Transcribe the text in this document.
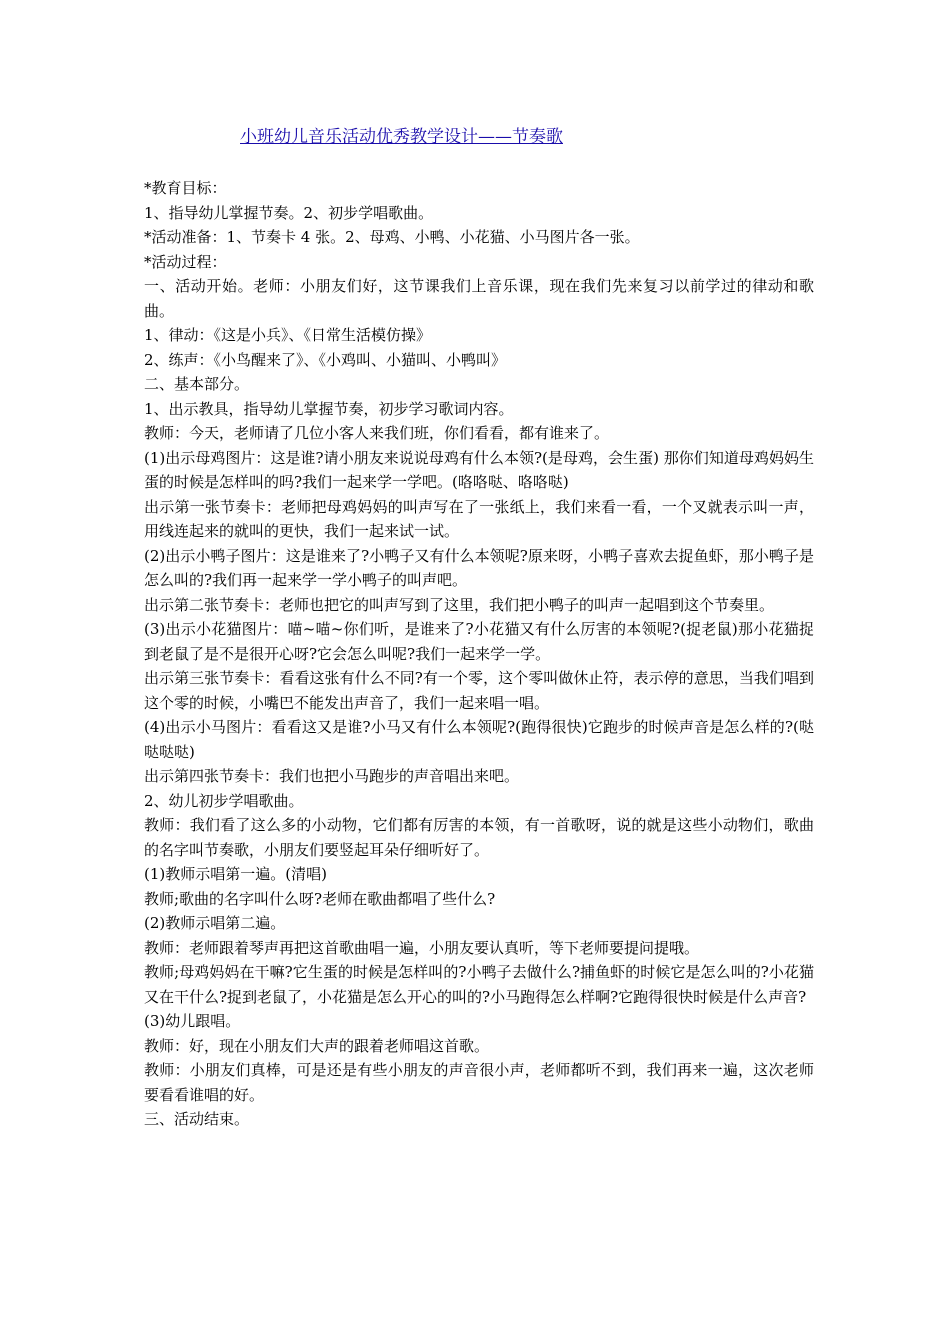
小班幼儿音乐活动优秀教学设计——节奏歌

*教育目标：

1、指导幼儿掌握节奏。2、初步学唱歌曲。

*活动准备：1、节奏卡 4 张。2、母鸡、小鸭、小花猫、小马图片各一张。

*活动过程：

一、活动开始。老师：小朋友们好，这节课我们上音乐课，现在我们先来复习以前学过的律动和歌曲。

1、律动：《这是小兵》、《日常生活模仿操》

2、练声：《小鸟醒来了》、《小鸡叫、小猫叫、小鸭叫》

二、基本部分。

1、出示教具，指导幼儿掌握节奏，初步学习歌词内容。

教师：今天，老师请了几位小客人来我们班，你们看看，都有谁来了。

(1)出示母鸡图片：这是谁?请小朋友来说说母鸡有什么本领?(是母鸡，会生蛋) 那你们知道母鸡妈妈生蛋的时候是怎样叫的吗?我们一起来学一学吧。(咯咯哒、咯咯哒)

出示第一张节奏卡：老师把母鸡妈妈的叫声写在了一张纸上，我们来看一看，一个叉就表示叫一声，用线连起来的就叫的更快，我们一起来试一试。

(2)出示小鸭子图片：这是谁来了?小鸭子又有什么本领呢?原来呀，小鸭子喜欢去捉鱼虾，那小鸭子是怎么叫的?我们再一起来学一学小鸭子的叫声吧。

出示第二张节奏卡：老师也把它的叫声写到了这里，我们把小鸭子的叫声一起唱到这个节奏里。

(3)出示小花猫图片：喵~喵~你们听，是谁来了?小花猫又有什么厉害的本领呢?(捉老鼠)那小花猫捉到老鼠了是不是很开心呀?它会怎么叫呢?我们一起来学一学。

出示第三张节奏卡：看看这张有什么不同?有一个零，这个零叫做休止符，表示停的意思，当我们唱到这个零的时候，小嘴巴不能发出声音了，我们一起来唱一唱。

(4)出示小马图片：看看这又是谁?小马又有什么本领呢?(跑得很快)它跑步的时候声音是怎么样的?(哒哒哒哒)

出示第四张节奏卡：我们也把小马跑步的声音唱出来吧。

2、幼儿初步学唱歌曲。

教师：我们看了这么多的小动物，它们都有厉害的本领，有一首歌呀，说的就是这些小动物们，歌曲的名字叫节奏歌，小朋友们要竖起耳朵仔细听好了。

(1)教师示唱第一遍。(清唱)

教师;歌曲的名字叫什么呀?老师在歌曲都唱了些什么?

(2)教师示唱第二遍。

教师：老师跟着琴声再把这首歌曲唱一遍，小朋友要认真听，等下老师要提问提哦。

教师;母鸡妈妈在干嘛?它生蛋的时候是怎样叫的?小鸭子去做什么?捕鱼虾的时候它是怎么叫的?小花猫又在干什么?捉到老鼠了，小花猫是怎么开心的叫的?小马跑得怎么样啊?它跑得很快时候是什么声音?

(3)幼儿跟唱。

教师：好，现在小朋友们大声的跟着老师唱这首歌。

教师：小朋友们真棒，可是还是有些小朋友的声音很小声，老师都听不到，我们再来一遍，这次老师要看看谁唱的好。

三、活动结束。
